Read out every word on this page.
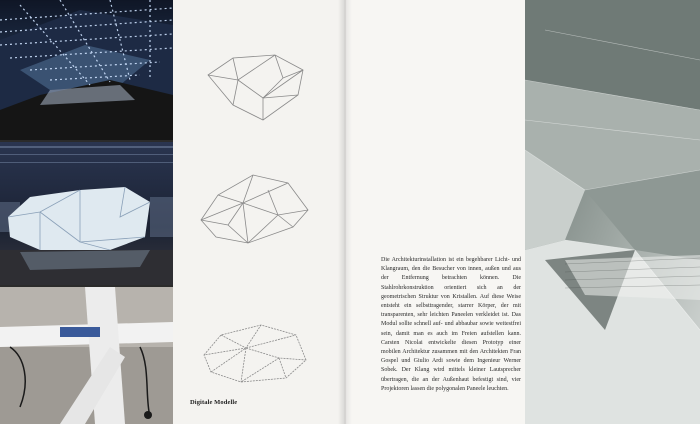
Digitale Modelle
Die Architekturinstallation ist ein begehbarer Licht- und Klangraum, den die Besucher von innen, außen und aus der Entfernung betrachten können. Die Stahlrohrkonstruktion orientiert sich an der geometrischen Struktur von Kristallen. Auf diese Weise entsteht ein selbsttragender, starrer Körper, der mit transparenten, sehr leichten Paneelen verkleidet ist. Das Modul sollte schnell auf- und abbaubar sowie weitestfrei sein, damit man es auch im Freien aufstellen kann. Carsten Nicolai entwickelte diesen Prototyp einer mobilen Architektur zusammen mit den Architekten Fran Gospel und Giulio Ardi sowie dem Ingenieur Werner Sobek. Der Klang wird mittels kleiner Lautsprecher übertragen, die an der Außenhaut befestigt sind, vier Projektoren lassen die polygonalen Paneele leuchten.
